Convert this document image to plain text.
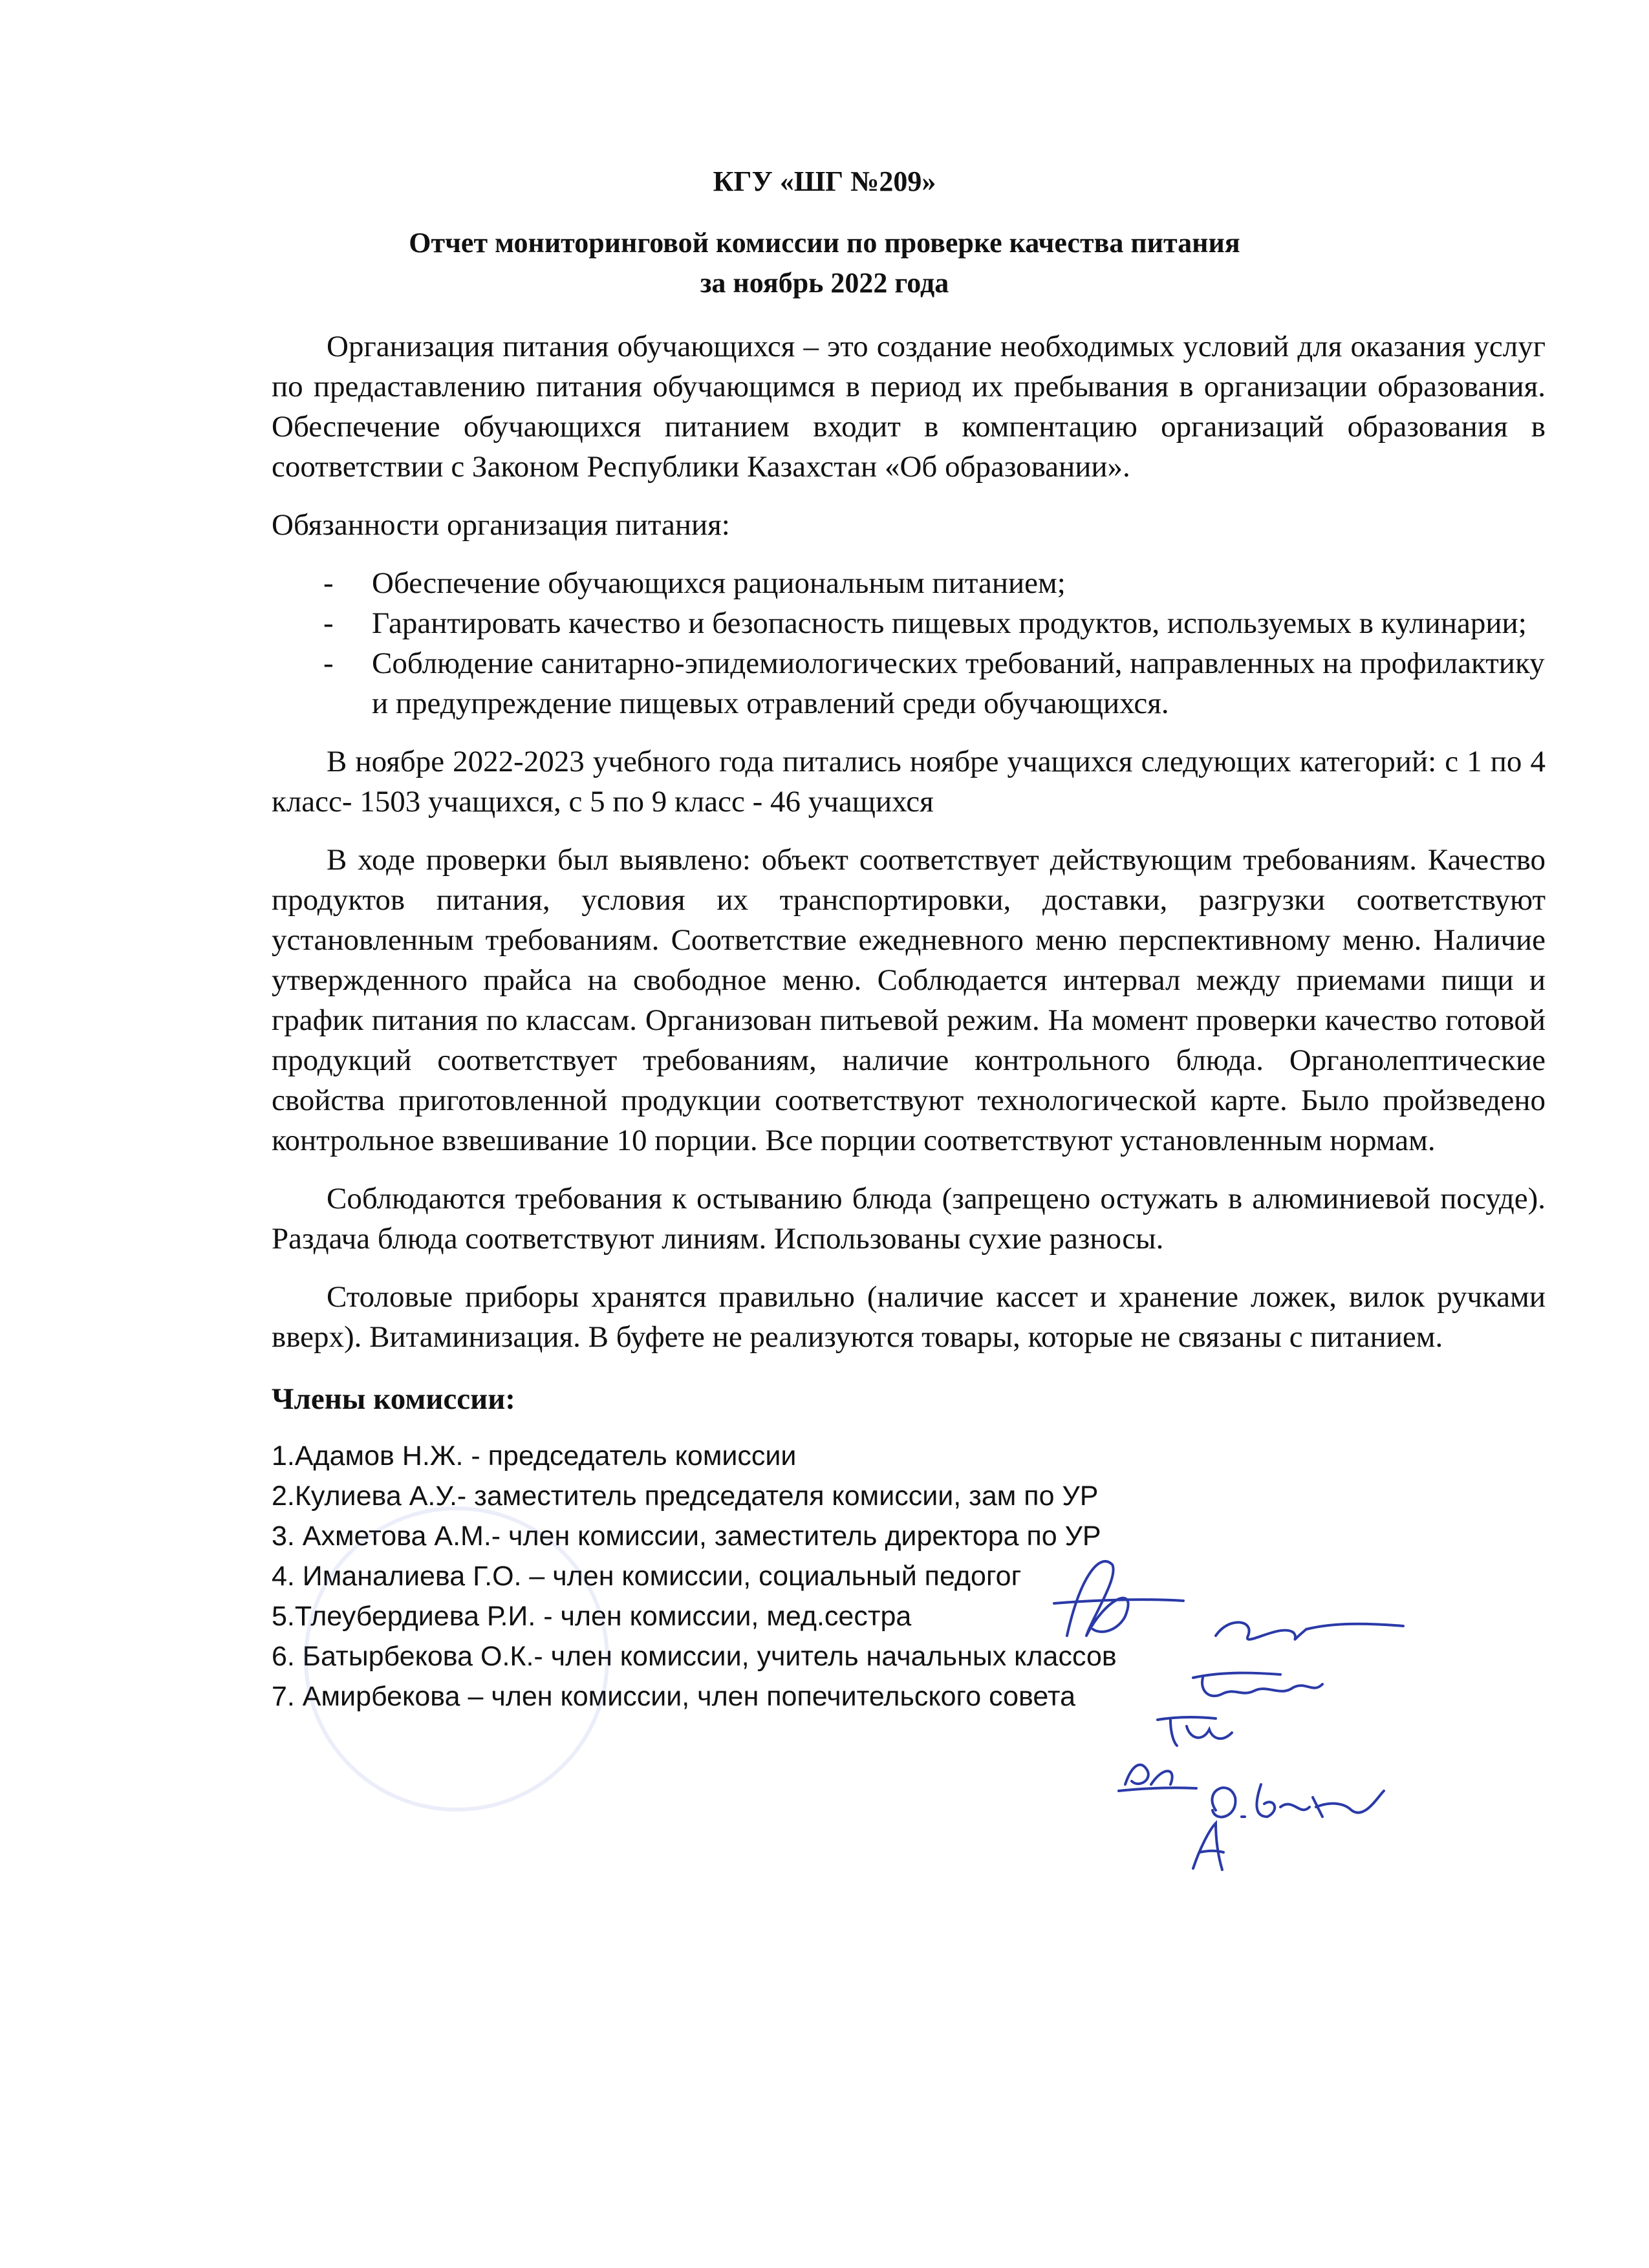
КГУ «ШГ №209»
Отчет мониторинговой комиссии по проверке качества питания
за ноябрь 2022 года

Организация питания обучающихся – это создание необходимых условий для оказания услуг по предаставлению питания обучающимся в период их пребывания в организации образования. Обеспечение обучающихся питанием входит в компентацию организаций образования в соответствии с Законом Республики Казахстан «Об образовании».

Обязанности организация питания:

- Обеспечение обучающихся рациональным питанием;
- Гарантировать качество и безопасность пищевых продуктов, используемых в кулинарии;
- Соблюдение санитарно-эпидемиологических требований, направленных на профилактику и предупреждение пищевых отравлений среди обучающихся.

В ноябре 2022-2023 учебного года питались ноябре учащихся следующих категорий: с 1 по 4 класс- 1503 учащихся, с 5 по 9 класс - 46 учащихся

В ходе проверки был выявлено: объект соответствует действующим требованиям. Качество продуктов питания, условия их транспортировки, доставки, разгрузки соответствуют установленным требованиям. Соответствие ежедневного меню перспективному меню. Наличие утвержденного прайса на свободное меню. Соблюдается интервал между приемами пищи и график питания по классам. Организован питьевой режим. На момент проверки качество готовой продукций соответствует требованиям, наличие контрольного блюда. Органолептические свойства приготовленной продукции соответствуют технологической карте. Было пройзведено контрольное взвешивание 10 порции. Все порции соответствуют установленным нормам.

Соблюдаются требования к остыванию блюда (запрещено остужать в алюминиевой посуде). Раздача блюда соответствуют линиям. Использованы сухие разносы.

Столовые приборы хранятся правильно (наличие кассет и хранение ложек, вилок ручками вверх). Витаминизация. В буфете не реализуются товары, которые не связаны с питанием.

Члены комиссии:
1.Адамов Н.Ж. - председатель комиссии
2.Кулиева А.У.- заместитель председателя комиссии, зам по УР
3. Ахметова А.М.- член комиссии, заместитель директора по УР
4. Иманалиева Г.О. – член комиссии, социальный педогог
5.Тлеубердиева Р.И. - член комиссии, мед.сестра
6. Батырбекова О.К.- член комиссии, учитель начальных классов
7. Амирбекова – член комиссии, член попечительского совета
